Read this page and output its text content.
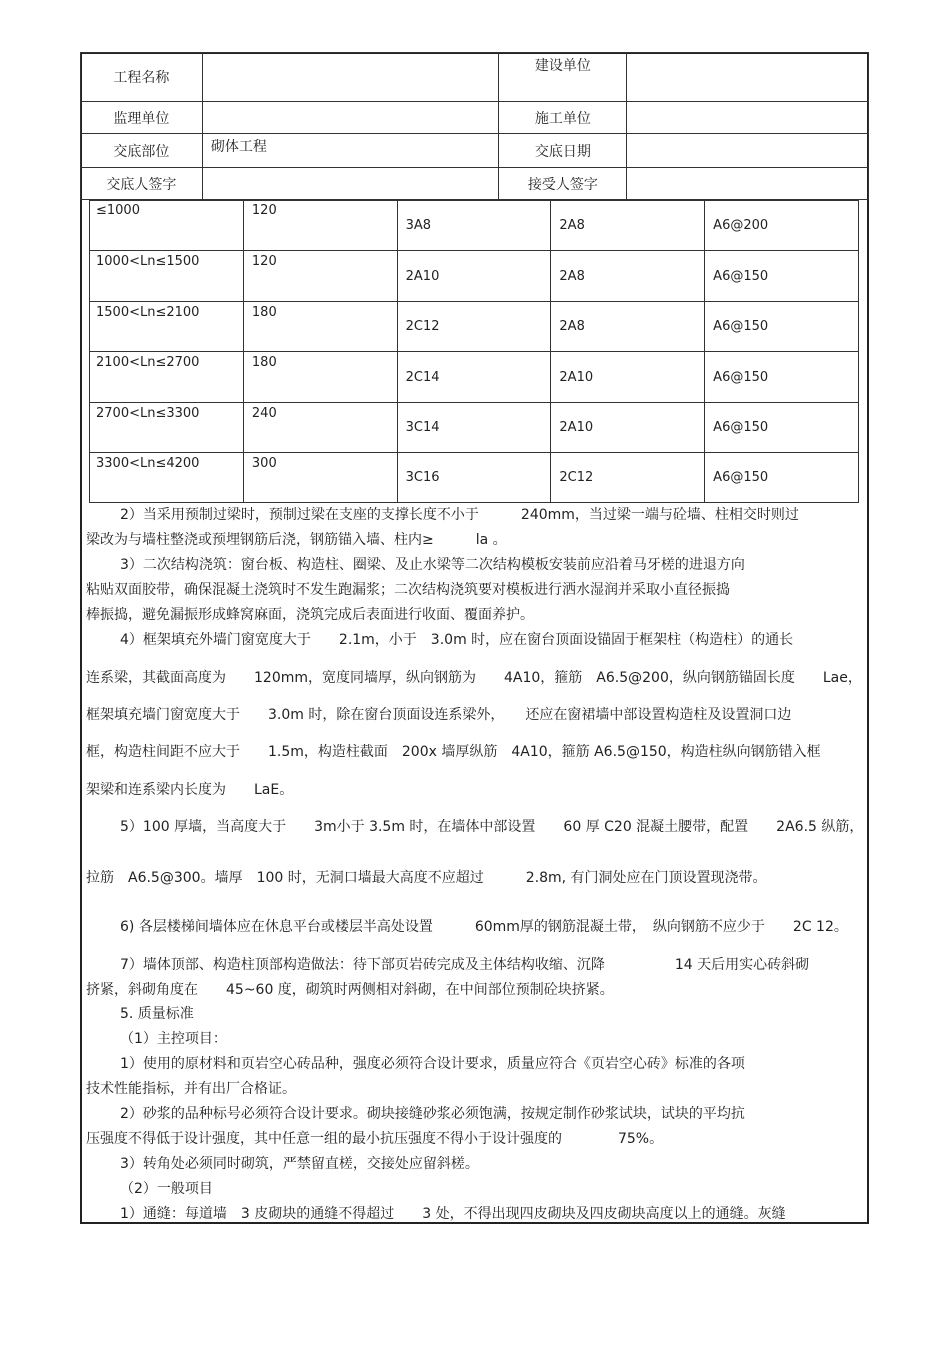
工程名称		建设单位	
监理单位		施工单位	
交底部位	砌体工程	交底日期	
交底人签字		接受人签字	
≤1000	120	3A8	2A8	A6@200
1000<Ln≤1500	120	2A10	2A8	A6@150
1500<Ln≤2100	180	2C12	2A8	A6@150
2100<Ln≤2700	180	2C14	2A10	A6@150
2700<Ln≤3300	240	3C14	2A10	A6@150
3300<Ln≤4200	300	3C16	2C12	A6@150
2）当采用预制过梁时，预制过梁在支座的支撑长度不小于　　　240mm，当过梁一端与砼墙、柱相交时则过
梁改为与墙柱整浇或预埋钢筋后浇，钢筋锚入墙、柱内≥　　　la 。
3）二次结构浇筑：窗台板、构造柱、圈梁、及止水梁等二次结构模板安装前应沿着马牙槎的进退方向
粘贴双面胶带，确保混凝土浇筑时不发生跑漏浆；二次结构浇筑要对模板进行洒水湿润并采取小直径振捣
棒振捣，避免漏振形成蜂窝麻面，浇筑完成后表面进行收面、覆面养护。
4）框架填充外墙门窗宽度大于　　2.1m，小于　3.0m 时，应在窗台顶面设锚固于框架柱（构造柱）的通长
连系梁，其截面高度为　　120mm，宽度同墙厚，纵向钢筋为　　4A10，箍筋　A6.5@200，纵向钢筋锚固长度　　Lae，
框架填充墙门窗宽度大于　　3.0m 时，除在窗台顶面设连系梁外，　　还应在窗裙墙中部设置构造柱及设置洞口边
框，构造柱间距不应大于　　1.5m，构造柱截面　200x 墙厚纵筋　4A10，箍筋 A6.5@150，构造柱纵向钢筋错入框
架梁和连系梁内长度为　　LaE。
5）100 厚墙，当高度大于　　3m小于 3.5m 时，在墙体中部设置　　60 厚 C20 混凝土腰带，配置　　2A6.5 纵筋，
拉筋　A6.5@300。墙厚　100 时，无洞口墙最大高度不应超过　　　2.8m, 有门洞处应在门顶设置现浇带。
6) 各层楼梯间墙体应在休息平台或楼层半高处设置　　　60mm厚的钢筋混凝土带，　纵向钢筋不应少于　　2C 12。
7）墙体顶部、构造柱顶部构造做法：待下部页岩砖完成及主体结构收缩、沉降　　　　　14 天后用实心砖斜砌
挤紧，斜砌角度在　　45~60 度，砌筑时两侧相对斜砌，在中间部位预制砼块挤紧。
5. 质量标准
（1）主控项目：
1）使用的原材料和页岩空心砖品种，强度必须符合设计要求，质量应符合《页岩空心砖》标准的各项
技术性能指标，并有出厂合格证。
2）砂浆的品种标号必须符合设计要求。砌块接缝砂浆必须饱满，按规定制作砂浆试块，试块的平均抗
压强度不得低于设计强度，其中任意一组的最小抗压强度不得小于设计强度的　　　　75%。
3）转角处必须同时砌筑，严禁留直槎，交接处应留斜槎。
（2）一般项目
1）通缝：每道墙　3 皮砌块的通缝不得超过　　3 处，不得出现四皮砌块及四皮砌块高度以上的通缝。灰缝
